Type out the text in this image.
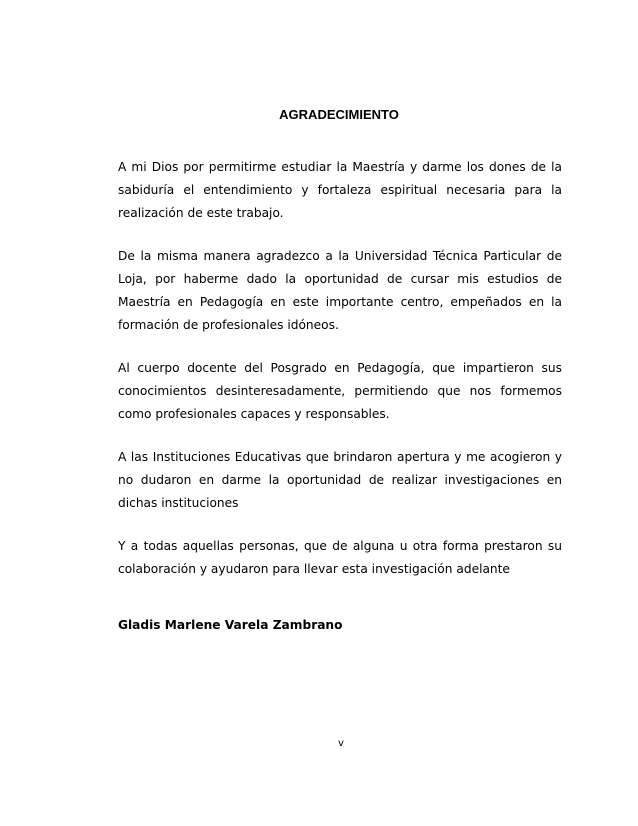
AGRADECIMIENTO

A mi Dios por permitirme estudiar la Maestría y darme los dones de la sabiduría el entendimiento y fortaleza espiritual necesaria para la realización de este trabajo.

De la misma manera agradezco a la Universidad Técnica Particular de Loja, por haberme dado la oportunidad de cursar mis estudios de Maestría en Pedagogía en este importante centro, empeñados en la formación de profesionales idóneos.

Al cuerpo docente del Posgrado en Pedagogía, que impartieron sus conocimientos desinteresadamente, permitiendo que nos formemos como profesionales capaces y responsables.

A las Instituciones Educativas que brindaron apertura y me acogieron y no dudaron en darme la oportunidad de realizar investigaciones en dichas instituciones

Y a todas aquellas personas, que de alguna u otra forma prestaron su colaboración y ayudaron para llevar esta investigación adelante

Gladis Marlene Varela Zambrano

v
